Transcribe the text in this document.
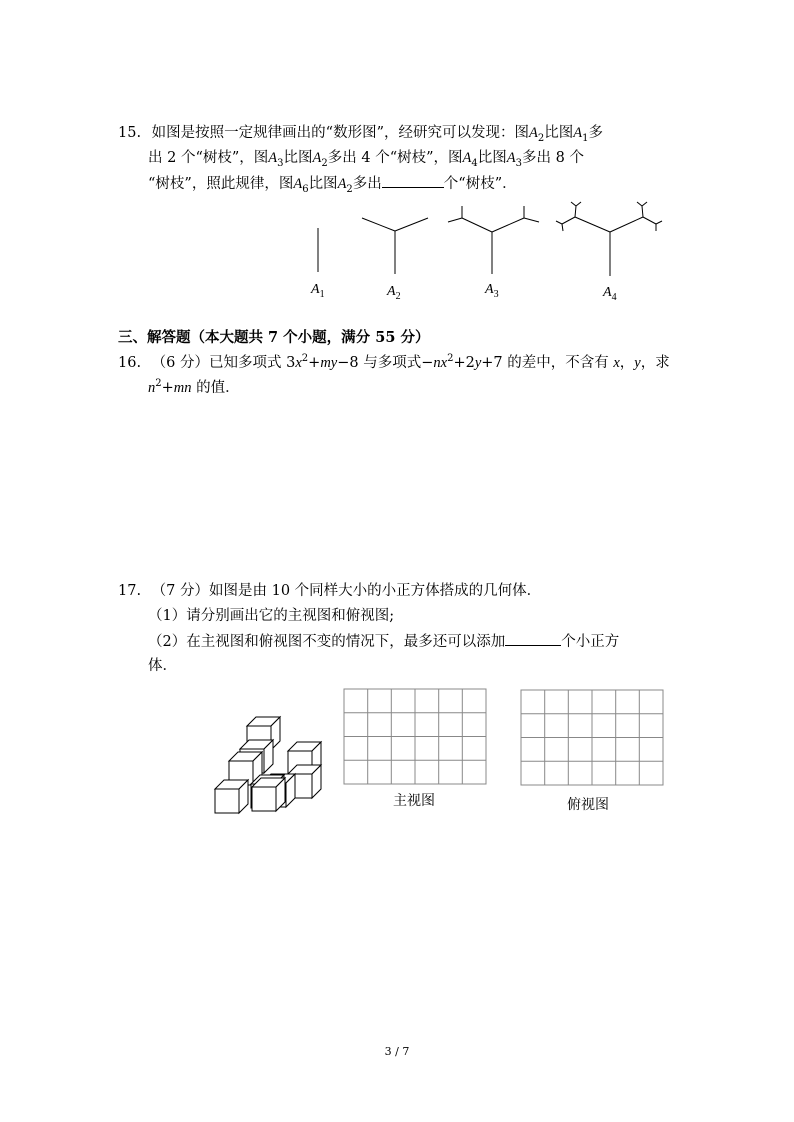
15. 如图是按照一定规律画出的“数形图”，经研究可以发现：图$A_2$比图$A_1$多
出 2 个“树枝”，图$A_3$比图$A_2$多出 4 个“树枝”，图$A_4$比图$A_3$多出 8 个
“树枝”，照此规律，图$A_6$比图$A_2$多出	个“树枝”．
$A_1$	$A_2$	$A_3$	$A_4$
三、解答题（本大题共 7 个小题，满分 55 分）
16. （6 分）已知多项式 $3x^2+my-8$ 与多项式$-nx^2+2y+7$ 的差中，不含有 x，y，求
$n^2+mn$ 的值．
17. （7 分）如图是由 10 个同样大小的小正方体搭成的几何体．
（1）请分别画出它的主视图和俯视图;
（2）在主视图和俯视图不变的情况下，最多还可以添加	个小正方
体．
主视图	俯视图
3 / 7
